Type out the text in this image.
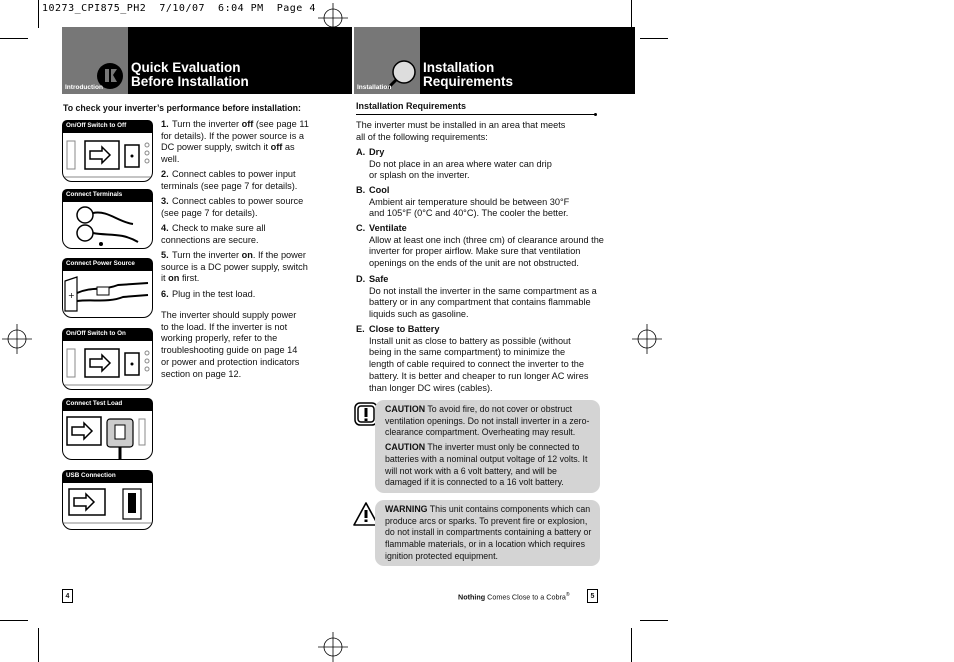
10273_CPI875_PH2  7/10/07  6:04 PM  Page 4
Introduction
Quick Evaluation
Before Installation	Installation
Installation
Requirements
To check your inverter’s performance before installation:
On/Off Switch to Off
Connect Terminals
Connect Power Source
+
On/Off Switch to On
Connect Test Load
USB Connection
1. Turn the inverter off (see page 11 for details). If the power source is a DC power supply, switch it off as well.
2. Connect cables to power input terminals (see page 7 for details).
3. Connect cables to power source (see page 7 for details).
4. Check to make sure all connections are secure.
5. Turn the inverter on. If the power source is a DC power supply, switch it on first.
6. Plug in the test load.
The inverter should supply power to the load. If the inverter is not working properly, refer to the troubleshooting guide on page 14 or power and protection indicators section on page 12.
4
Installation Requirements
The inverter must be installed in an area that meets all of the following requirements:
A. Dry
Do not place in an area where water can drip or splash on the inverter.
B. Cool
Ambient air temperature should be between 30°F and 105°F (0°C and 40°C). The cooler the better.
C. Ventilate
Allow at least one inch (three cm) of clearance around the inverter for proper airflow. Make sure that ventilation openings on the ends of the unit are not obstructed.
D. Safe
Do not install the inverter in the same compartment as a battery or in any compartment that contains flammable liquids such as gasoline.
E. Close to Battery
Install unit as close to battery as possible (without being in the same compartment) to minimize the length of cable required to connect the inverter to the battery. It is better and cheaper to run longer AC wires than longer DC wires (cables).
CAUTION To avoid fire, do not cover or obstruct ventilation openings. Do not install inverter in a zero-clearance compartment. Overheating may result.
CAUTION The inverter must only be connected to batteries with a nominal output voltage of 12 volts. It will not work with a 6 volt battery, and will be damaged if it is connected to a 16 volt battery.
WARNING This unit contains components which can produce arcs or sparks. To prevent fire or explosion, do not install in compartments containing a battery or flammable materials, or in a location which requires ignition protected equipment.
Nothing Comes Close to a Cobra®	5
